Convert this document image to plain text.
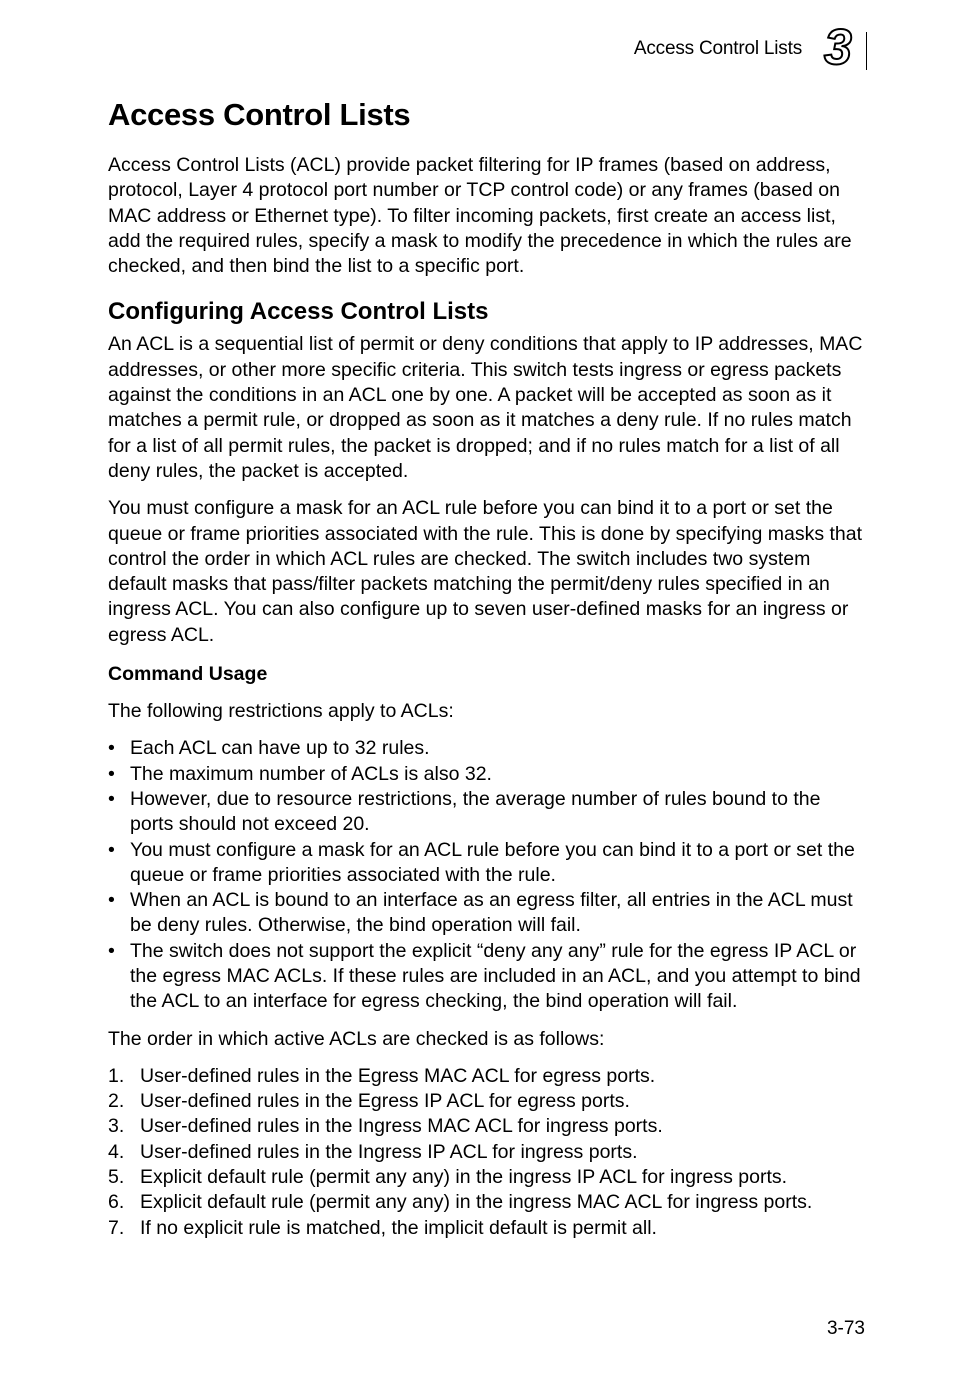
Access Control Lists 3
Access Control Lists

Access Control Lists (ACL) provide packet filtering for IP frames (based on address, protocol, Layer 4 protocol port number or TCP control code) or any frames (based on MAC address or Ethernet type). To filter incoming packets, first create an access list, add the required rules, specify a mask to modify the precedence in which the rules are checked, and then bind the list to a specific port.

Configuring Access Control Lists

An ACL is a sequential list of permit or deny conditions that apply to IP addresses, MAC addresses, or other more specific criteria. This switch tests ingress or egress packets against the conditions in an ACL one by one. A packet will be accepted as soon as it matches a permit rule, or dropped as soon as it matches a deny rule. If no rules match for a list of all permit rules, the packet is dropped; and if no rules match for a list of all deny rules, the packet is accepted.

You must configure a mask for an ACL rule before you can bind it to a port or set the queue or frame priorities associated with the rule. This is done by specifying masks that control the order in which ACL rules are checked. The switch includes two system default masks that pass/filter packets matching the permit/deny rules specified in an ingress ACL. You can also configure up to seven user-defined masks for an ingress or egress ACL.

Command Usage

The following restrictions apply to ACLs:

• Each ACL can have up to 32 rules.
• The maximum number of ACLs is also 32.
• However, due to resource restrictions, the average number of rules bound to the ports should not exceed 20.
• You must configure a mask for an ACL rule before you can bind it to a port or set the queue or frame priorities associated with the rule.
• When an ACL is bound to an interface as an egress filter, all entries in the ACL must be deny rules. Otherwise, the bind operation will fail.
• The switch does not support the explicit “deny any any” rule for the egress IP ACL or the egress MAC ACLs. If these rules are included in an ACL, and you attempt to bind the ACL to an interface for egress checking, the bind operation will fail.

The order in which active ACLs are checked is as follows:

1. User-defined rules in the Egress MAC ACL for egress ports.
2. User-defined rules in the Egress IP ACL for egress ports.
3. User-defined rules in the Ingress MAC ACL for ingress ports.
4. User-defined rules in the Ingress IP ACL for ingress ports.
5. Explicit default rule (permit any any) in the ingress IP ACL for ingress ports.
6. Explicit default rule (permit any any) in the ingress MAC ACL for ingress ports.
7. If no explicit rule is matched, the implicit default is permit all.
3-73
